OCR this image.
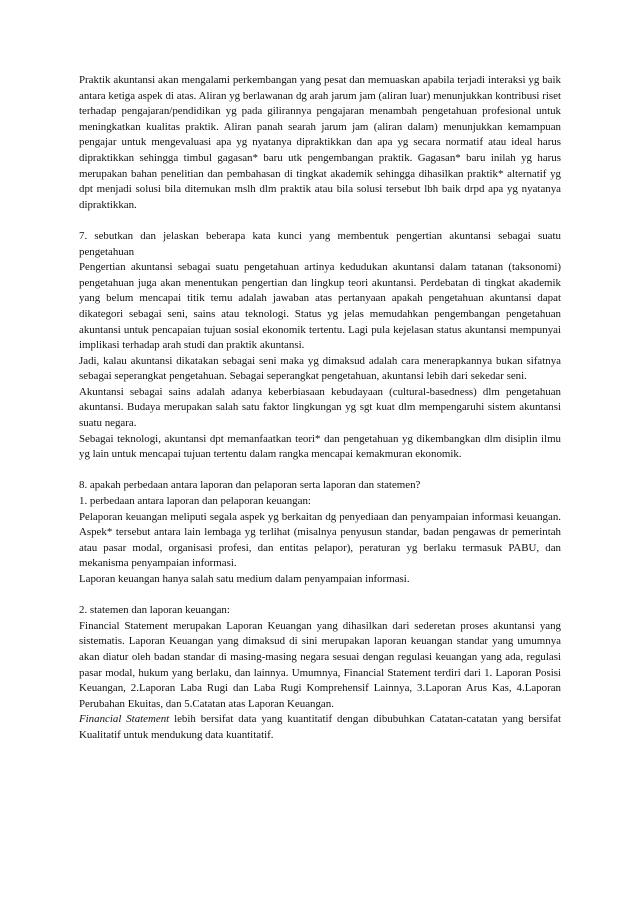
Praktik akuntansi akan mengalami perkembangan yang pesat dan memuaskan apabila terjadi interaksi yg baik antara ketiga aspek di atas. Aliran yg berlawanan dg arah jarum jam (aliran luar) menunjukkan kontribusi riset terhadap pengajaran/pendidikan yg pada gilirannya pengajaran menambah pengetahuan profesional untuk meningkatkan kualitas praktik. Aliran panah searah jarum jam (aliran dalam) menunjukkan kemampuan pengajar untuk mengevaluasi apa yg nyatanya dipraktikkan dan apa yg secara normatif atau ideal harus dipraktikkan sehingga timbul gagasan* baru utk pengembangan praktik. Gagasan* baru inilah yg harus merupakan bahan penelitian dan pembahasan di tingkat akademik sehingga dihasilkan praktik* alternatif yg dpt menjadi solusi bila ditemukan mslh dlm praktik atau bila solusi tersebut lbh baik drpd apa yg nyatanya dipraktikkan.

7. sebutkan dan jelaskan beberapa kata kunci yang membentuk pengertian akuntansi sebagai suatu pengetahuan

Pengertian akuntansi sebagai suatu pengetahuan artinya kedudukan akuntansi dalam tatanan (taksonomi) pengetahuan juga akan menentukan pengertian dan lingkup teori akuntansi. Perdebatan di tingkat akademik yang belum mencapai titik temu adalah jawaban atas pertanyaan apakah pengetahuan akuntansi dapat dikategori sebagai seni, sains atau teknologi. Status yg jelas memudahkan pengembangan pengetahuan akuntansi untuk pencapaian tujuan sosial ekonomik tertentu. Lagi pula kejelasan status akuntansi mempunyai implikasi terhadap arah studi dan praktik akuntansi.

Jadi, kalau akuntansi dikatakan sebagai seni maka yg dimaksud adalah cara menerapkannya bukan sifatnya sebagai seperangkat pengetahuan. Sebagai seperangkat pengetahuan, akuntansi lebih dari sekedar seni.

Akuntansi sebagai sains adalah adanya keberbiasaan kebudayaan (cultural-basedness) dlm pengetahuan akuntansi. Budaya merupakan salah satu faktor lingkungan yg sgt kuat dlm mempengaruhi sistem akuntansi suatu negara.

Sebagai teknologi, akuntansi dpt memanfaatkan teori* dan pengetahuan yg dikembangkan dlm disiplin ilmu yg lain untuk mencapai tujuan tertentu dalam rangka mencapai kemakmuran ekonomik.

8. apakah perbedaan antara laporan dan pelaporan serta laporan dan statemen?

1. perbedaan antara laporan dan pelaporan keuangan:

Pelaporan keuangan meliputi segala aspek yg berkaitan dg penyediaan dan penyampaian informasi keuangan. Aspek* tersebut antara lain lembaga yg terlihat (misalnya penyusun standar, badan pengawas dr pemerintah atau pasar modal, organisasi profesi, dan entitas pelapor), peraturan yg berlaku termasuk PABU, dan mekanisma penyampaian informasi.

Laporan keuangan hanya salah satu medium dalam penyampaian informasi.

2. statemen dan laporan keuangan:

Financial Statement merupakan Laporan Keuangan yang dihasilkan dari sederetan proses akuntansi yang sistematis. Laporan Keuangan yang dimaksud di sini merupakan laporan keuangan standar yang umumnya akan diatur oleh badan standar di masing-masing negara sesuai dengan regulasi keuangan yang ada, regulasi pasar modal, hukum yang berlaku, dan lainnya. Umumnya, Financial Statement terdiri dari 1. Laporan Posisi Keuangan, 2.Laporan Laba Rugi dan Laba Rugi Komprehensif Lainnya, 3.Laporan Arus Kas, 4.Laporan Perubahan Ekuitas, dan 5.Catatan atas Laporan Keuangan.

Financial Statement lebih bersifat data yang kuantitatif dengan dibubuhkan Catatan-catatan yang bersifat Kualitatif untuk mendukung data kuantitatif.
